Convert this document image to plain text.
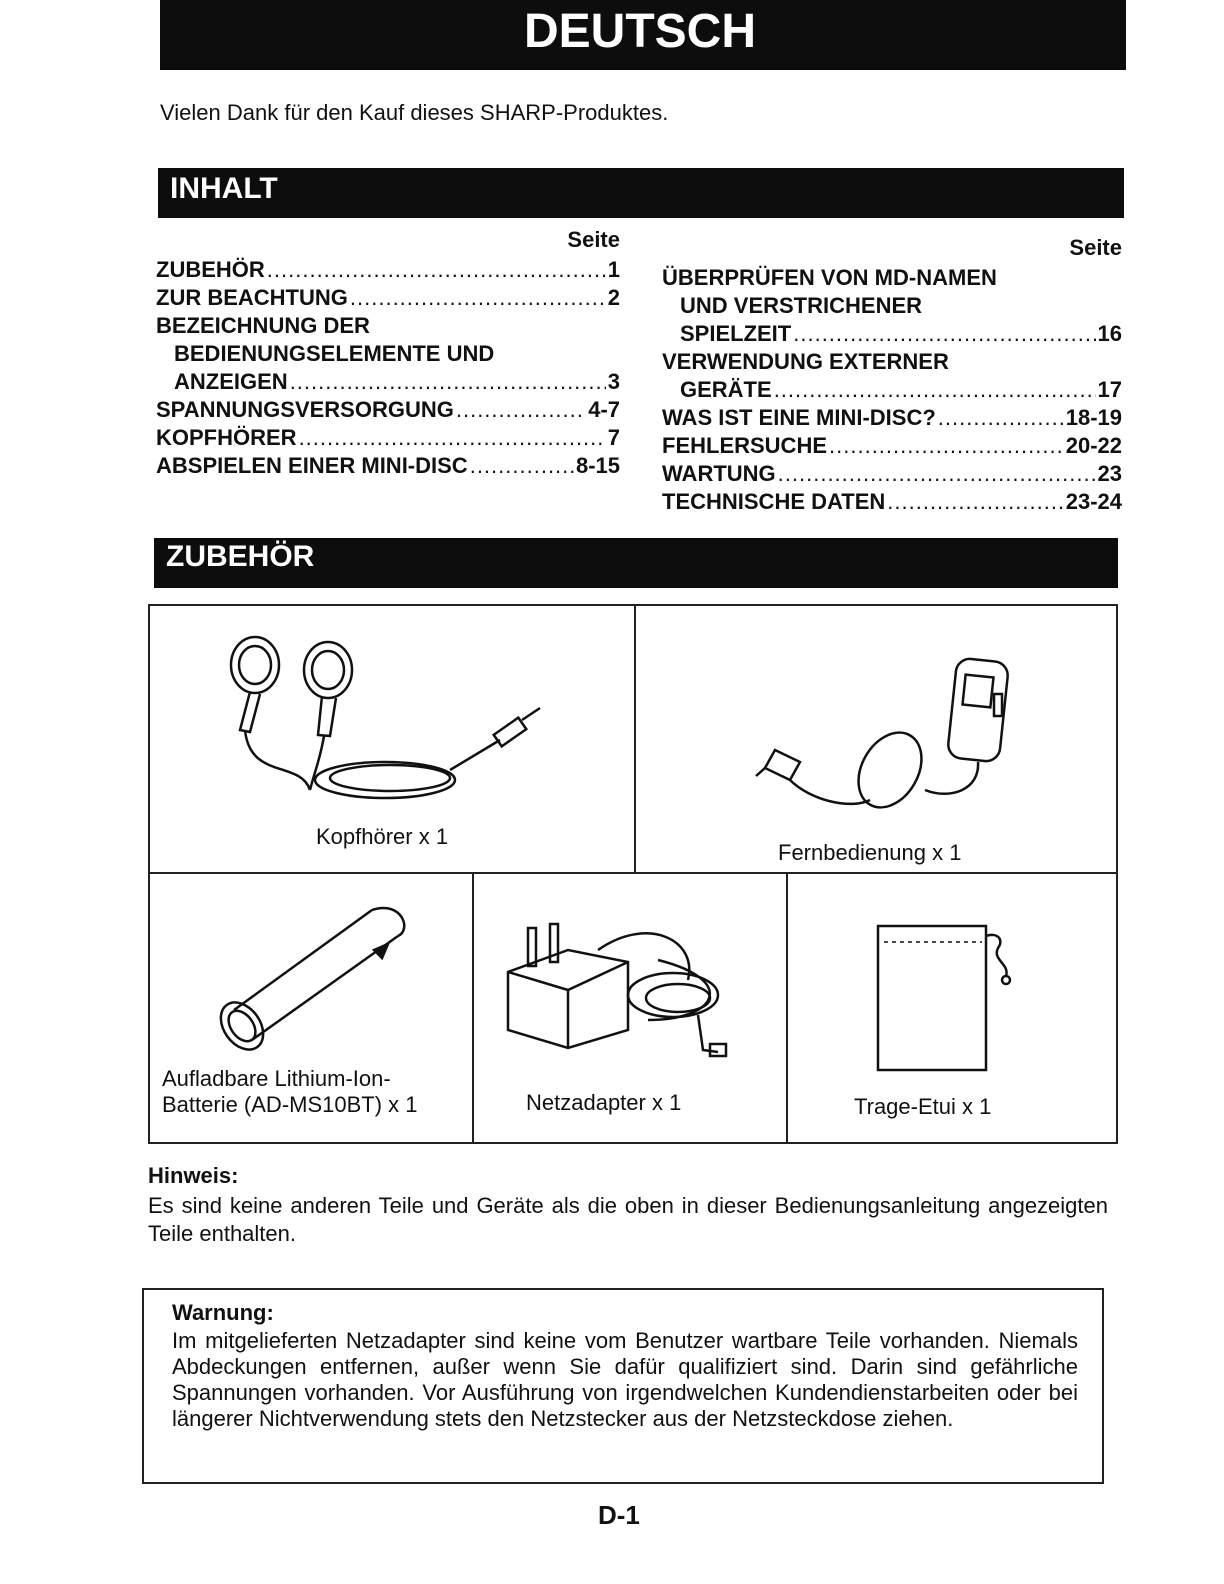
DEUTSCH
Vielen Dank für den Kauf dieses SHARP-Produktes.
INHALT
Seite
ZUBEHÖR .....	1
ZUR BEACHTUNG .....	2
BEZEICHNUNG DER
BEDIENUNGSELEMENTE UND
ANZEIGEN .....	3
SPANNUNGSVERSORGUNG .....	4-7
KOPFHÖRER .....	7
ABSPIELEN EINER MINI-DISC .....	8-15
Seite
ÜBERPRÜFEN VON MD-NAMEN
UND VERSTRICHENER
SPIELZEIT .....	16
VERWENDUNG EXTERNER
GERÄTE .....	17
WAS IST EINE MINI-DISC? .....	18-19
FEHLERSUCHE .....	20-22
WARTUNG .....	23
TECHNISCHE DATEN .....	23-24
ZUBEHÖR
Kopfhörer x 1
Fernbedienung x 1
Aufladbare Lithium-Ion-
Batterie (AD-MS10BT) x 1	Netzadapter x 1	Trage-Etui x 1
Hinweis:
Es sind keine anderen Teile und Geräte als die oben in dieser Bedienungsanleitung angezeigten Teile enthalten.
Warnung:
Im mitgelieferten Netzadapter sind keine vom Benutzer wartbare Teile vorhanden. Niemals Abdeckungen entfernen, außer wenn Sie dafür qualifiziert sind. Darin sind gefährliche Spannungen vorhanden. Vor Ausführung von irgendwelchen Kundendienstarbeiten oder bei längerer Nichtverwendung stets den Netzstecker aus der Netzsteckdose ziehen.
D-1
